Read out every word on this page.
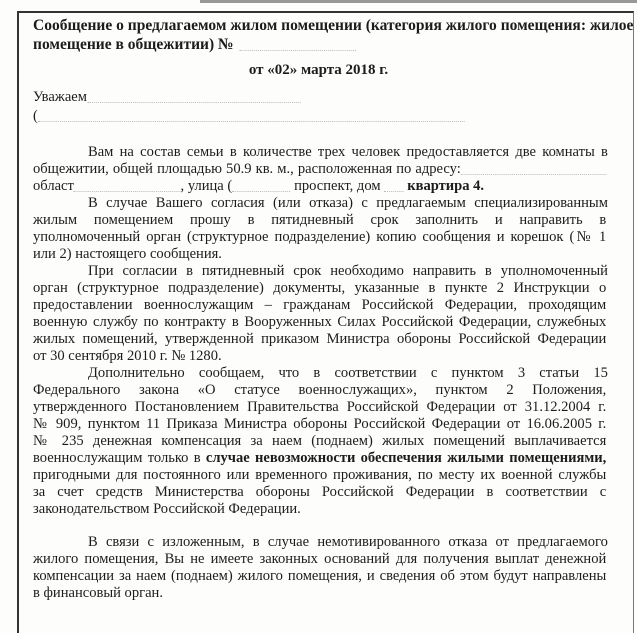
Сообщение о предлагаемом жилом помещении (категория жилого помещения: жилое
помещение в общежитии) №
от «02» марта 2018 г.
Уважаем
(
Вам на состав семьи в количестве трех человек предоставляется две комнаты в
общежитии, общей площадью 50.9 кв. м., расположенная по адресу:
област	, улица (	проспект, дом  квартира 4.
В случае Вашего согласия (или отказа) с предлагаемым специализированным
жилым помещением прошу в пятидневный срок заполнить и направить в
уполномоченный орган (структурное подразделение) копию сообщения и корешок (№ 1
или 2) настоящего сообщения.
При согласии в пятидневный срок необходимо направить в уполномоченный
орган (структурное подразделение) документы, указанные в пункте 2 Инструкции о
предоставлении военнослужащим – гражданам Российской Федерации, проходящим
военную службу по контракту в Вооруженных Силах Российской Федерации, служебных
жилых помещений, утвержденной приказом Министра обороны Российской Федерации
от 30 сентября 2010 г. № 1280.
Дополнительно сообщаем, что в соответствии с пунктом 3 статьи 15
Федерального закона «О статусе военнослужащих», пунктом 2 Положения,
утвержденного Постановлением Правительства Российской Федерации от 31.12.2004 г.
№ 909, пунктом 11 Приказа Министра обороны Российской Федерации от 16.06.2005 г.
№ 235 денежная компенсация за наем (поднаем) жилых помещений выплачивается
военнослужащим только в случае невозможности обеспечения жилыми помещениями,
пригодными для постоянного или временного проживания, по месту их военной службы
за счет средств Министерства обороны Российской Федерации в соответствии с
законодательством Российской Федерации.
В связи с изложенным, в случае немотивированного отказа от предлагаемого
жилого помещения, Вы не имеете законных оснований для получения выплат денежной
компенсации за наем (поднаем) жилого помещения, и сведения об этом будут направлены
в финансовый орган.
